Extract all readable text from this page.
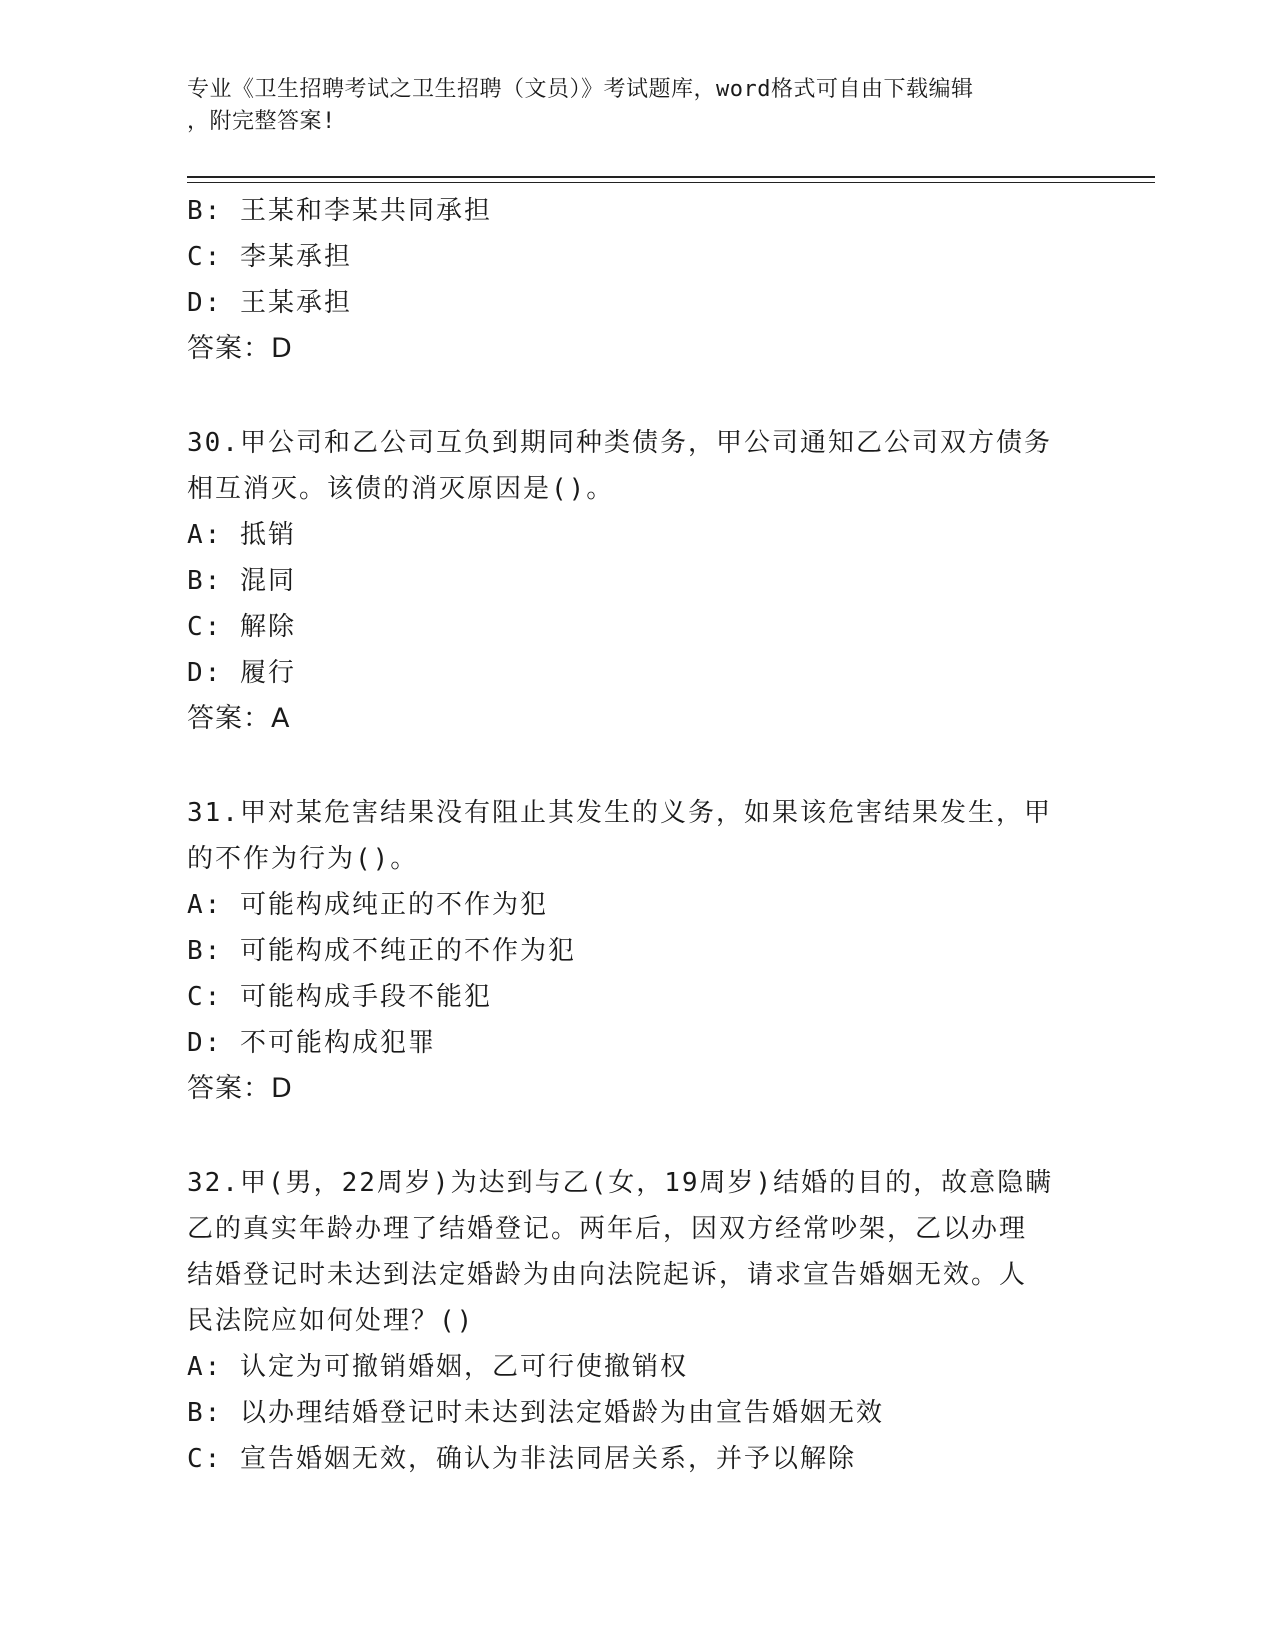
专业《卫生招聘考试之卫生招聘（文员）》考试题库，word格式可自由下载编辑
，附完整答案!
B: 王某和李某共同承担
C: 李某承担
D: 王某承担
答案：D
30.甲公司和乙公司互负到期同种类债务，甲公司通知乙公司双方债务
相互消灭。该债的消灭原因是()。
A: 抵销
B: 混同
C: 解除
D: 履行
答案：A
31.甲对某危害结果没有阻止其发生的义务，如果该危害结果发生，甲
的不作为行为()。
A: 可能构成纯正的不作为犯
B: 可能构成不纯正的不作为犯
C: 可能构成手段不能犯
D: 不可能构成犯罪
答案：D
32.甲(男，22周岁)为达到与乙(女，19周岁)结婚的目的，故意隐瞒
乙的真实年龄办理了结婚登记。两年后，因双方经常吵架，乙以办理
结婚登记时未达到法定婚龄为由向法院起诉，请求宣告婚姻无效。人
民法院应如何处理？()
A: 认定为可撤销婚姻，乙可行使撤销权
B: 以办理结婚登记时未达到法定婚龄为由宣告婚姻无效
C: 宣告婚姻无效，确认为非法同居关系，并予以解除
